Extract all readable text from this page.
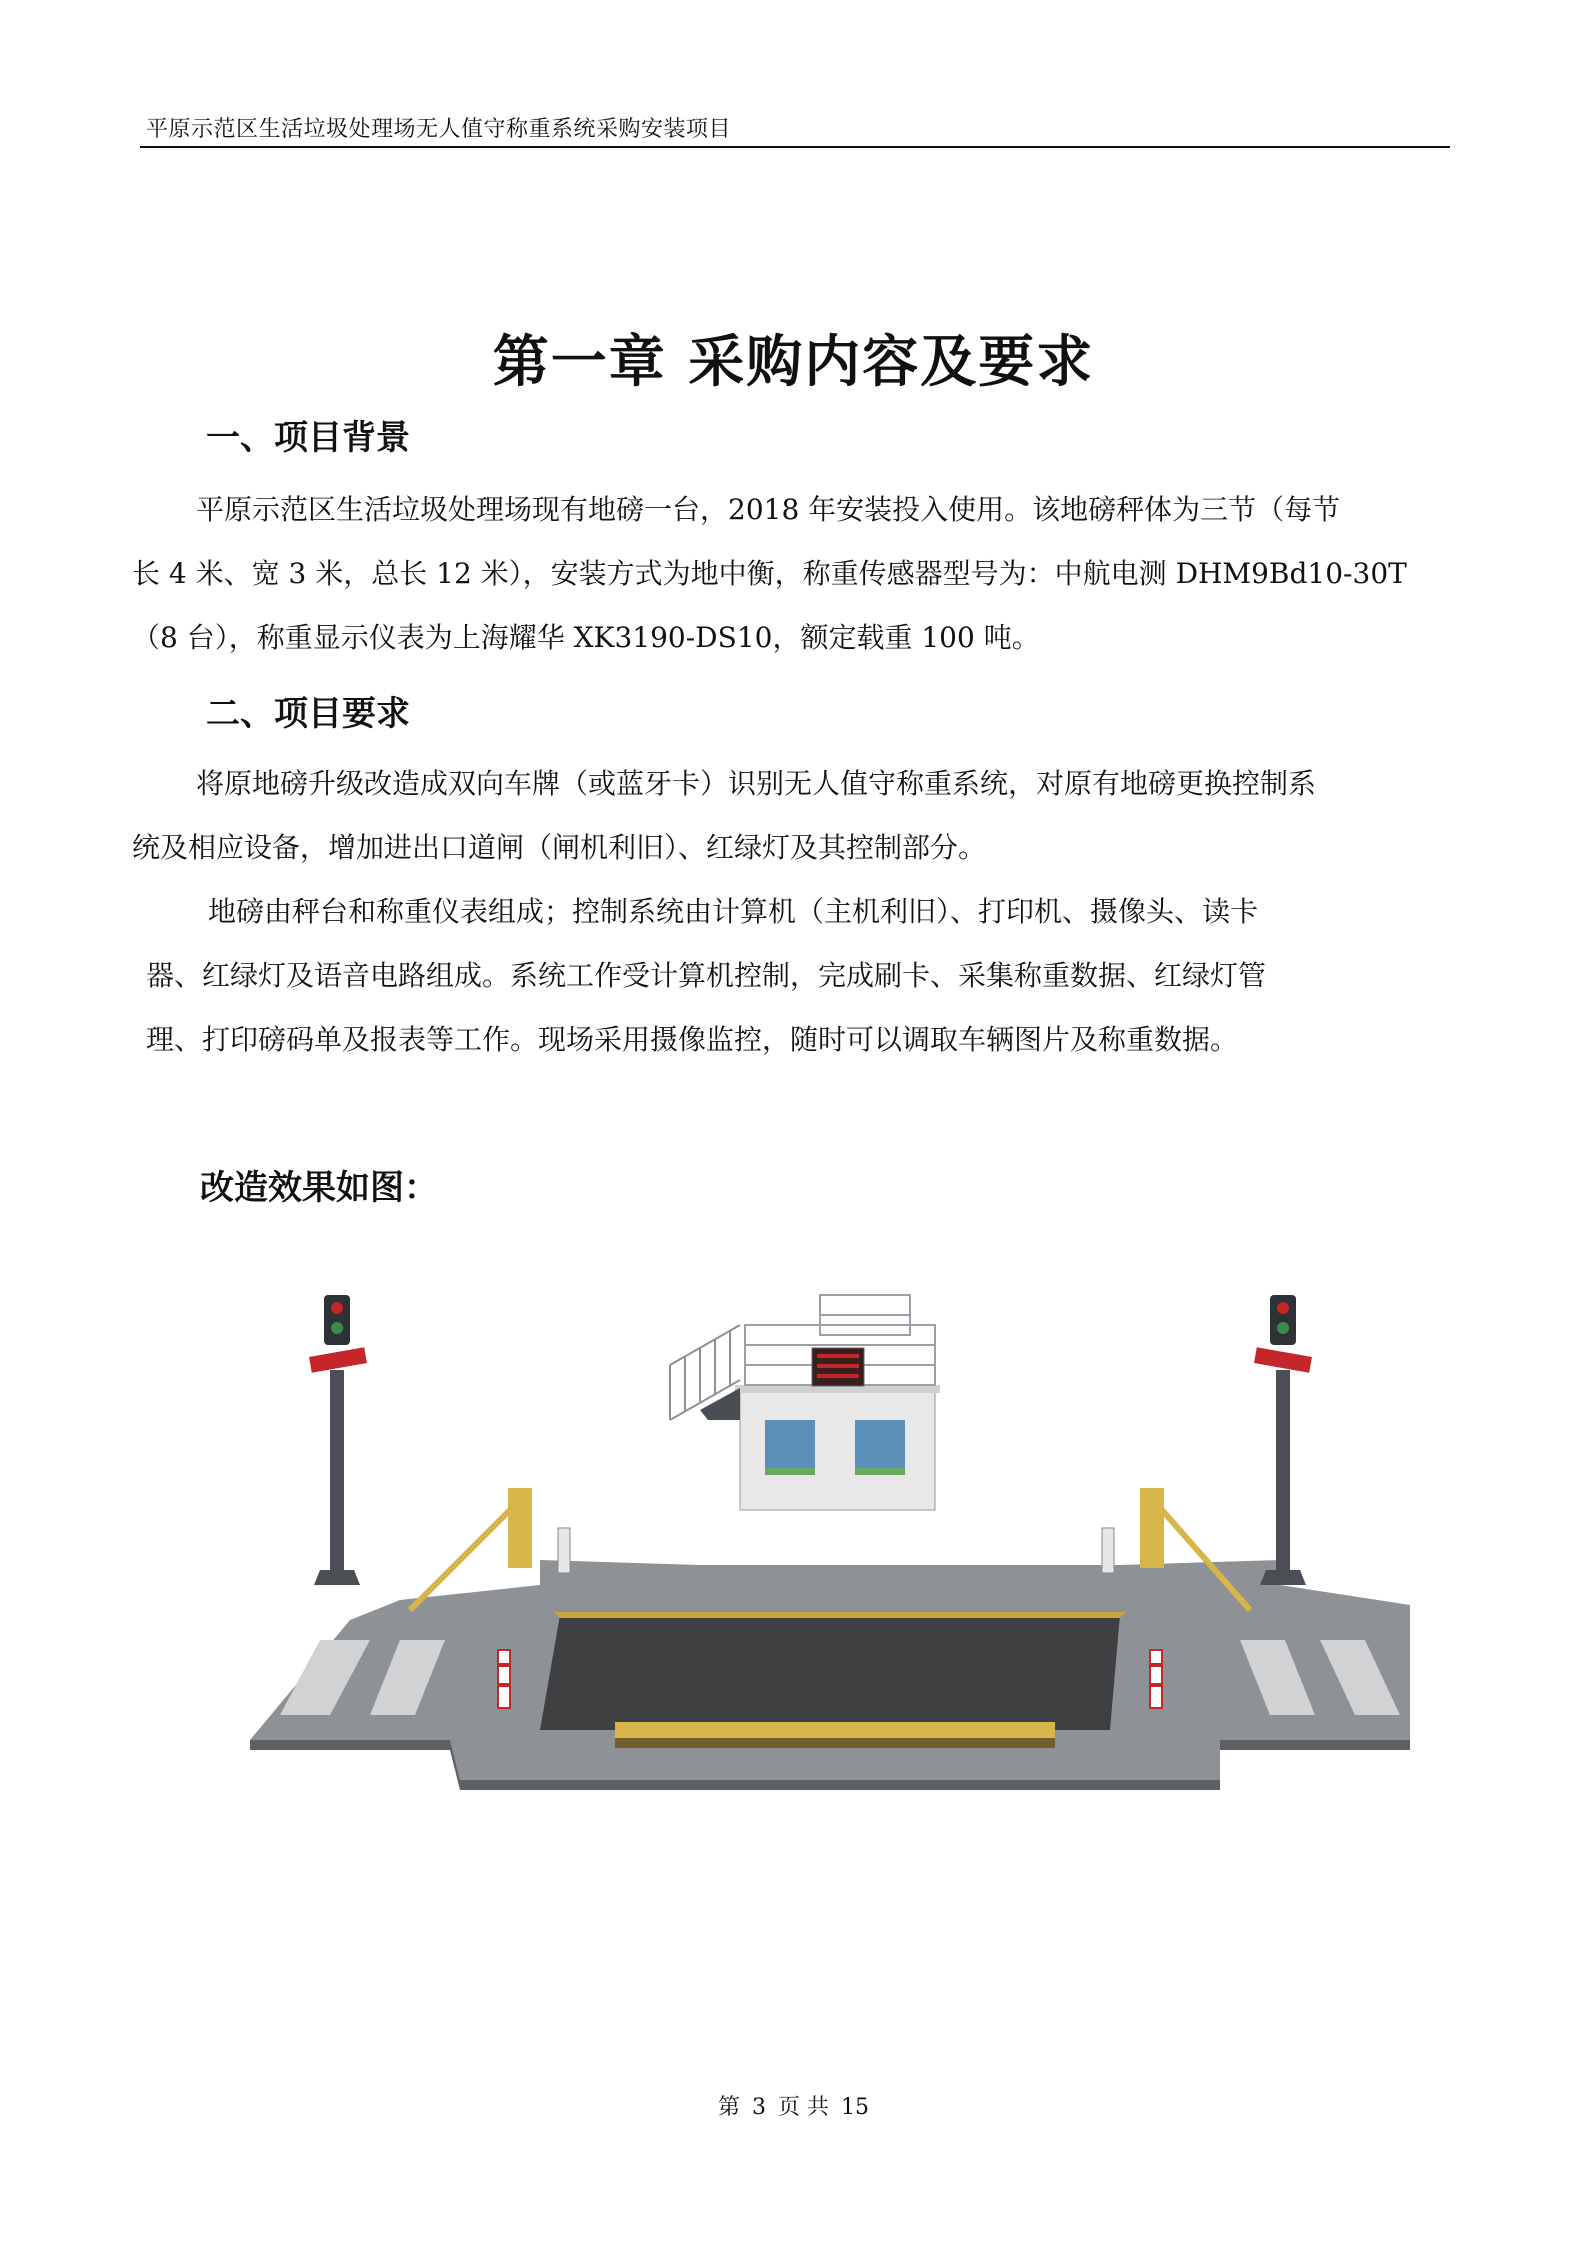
平原示范区生活垃圾处理场无人值守称重系统采购安装项目
第一章 采购内容及要求
一、项目背景
平原示范区生活垃圾处理场现有地磅一台，2018 年安装投入使用。该地磅秤体为三节（每节
长 4 米、宽 3 米，总长 12 米），安装方式为地中衡，称重传感器型号为：中航电测 DHM9Bd10-30T
（8 台），称重显示仪表为上海耀华 XK3190-DS10，额定载重 100 吨。
二、项目要求
将原地磅升级改造成双向车牌（或蓝牙卡）识别无人值守称重系统，对原有地磅更换控制系
统及相应设备，增加进出口道闸（闸机利旧）、红绿灯及其控制部分。
地磅由秤台和称重仪表组成；控制系统由计算机（主机利旧）、打印机、摄像头、读卡
器、红绿灯及语音电路组成。系统工作受计算机控制，完成刷卡、采集称重数据、红绿灯管
理、打印磅码单及报表等工作。现场采用摄像监控，随时可以调取车辆图片及称重数据。
改造效果如图：
第 3 页 共 15
